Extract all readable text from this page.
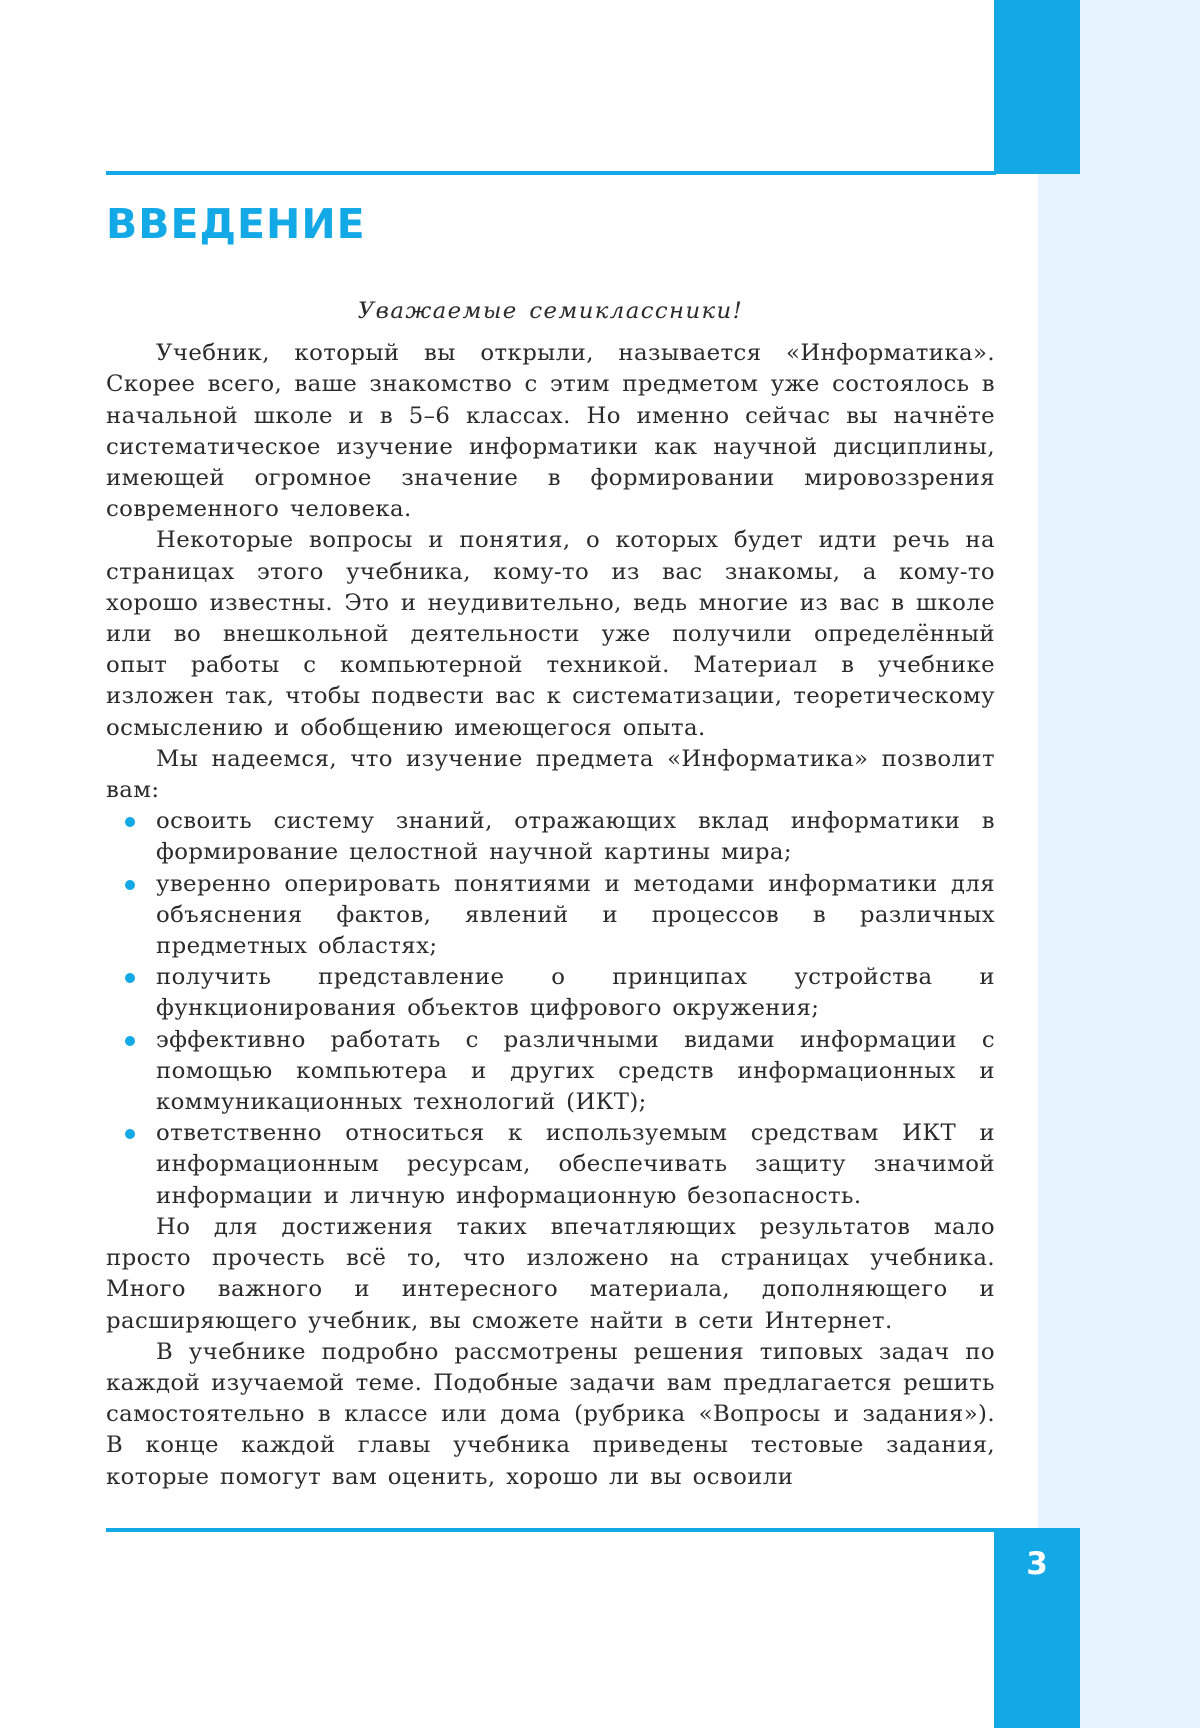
ВВЕДЕНИЕ

Уважаемые семиклассники!

Учебник, который вы открыли, называется «Информатика». Скорее всего, ваше знакомство с этим предметом уже состоялось в начальной школе и в 5–6 классах. Но именно сейчас вы начнёте систематическое изучение информатики как научной дисциплины, имеющей огромное значение в формировании мировоззрения современного человека.

Некоторые вопросы и понятия, о которых будет идти речь на страницах этого учебника, кому-то из вас знакомы, а кому-то хорошо известны. Это и неудивительно, ведь многие из вас в школе или во внешкольной деятельности уже получили определённый опыт работы с компьютерной техникой. Материал в учебнике изложен так, чтобы подвести вас к систематизации, теоретическому осмыслению и обобщению имеющегося опыта.

Мы надеемся, что изучение предмета «Информатика» позволит вам:

освоить систему знаний, отражающих вклад информатики в формирование целостной научной картины мира;
уверенно оперировать понятиями и методами информатики для объяснения фактов, явлений и процессов в различных предметных областях;
получить представление о принципах устройства и функционирования объектов цифрового окружения;
эффективно работать с различными видами информации с помощью компьютера и других средств информационных и коммуникационных технологий (ИКТ);
ответственно относиться к используемым средствам ИКТ и информационным ресурсам, обеспечивать защиту значимой информации и личную информационную безопасность.

Но для достижения таких впечатляющих результатов мало просто прочесть всё то, что изложено на страницах учебника. Много важного и интересного материала, дополняющего и расширяющего учебник, вы сможете найти в сети Интернет.

В учебнике подробно рассмотрены решения типовых задач по каждой изучаемой теме. Подобные задачи вам предлагается решить самостоятельно в классе или дома (рубрика «Вопросы и задания»). В конце каждой главы учебника приведены тестовые задания, которые помогут вам оценить, хорошо ли вы освоили

3
